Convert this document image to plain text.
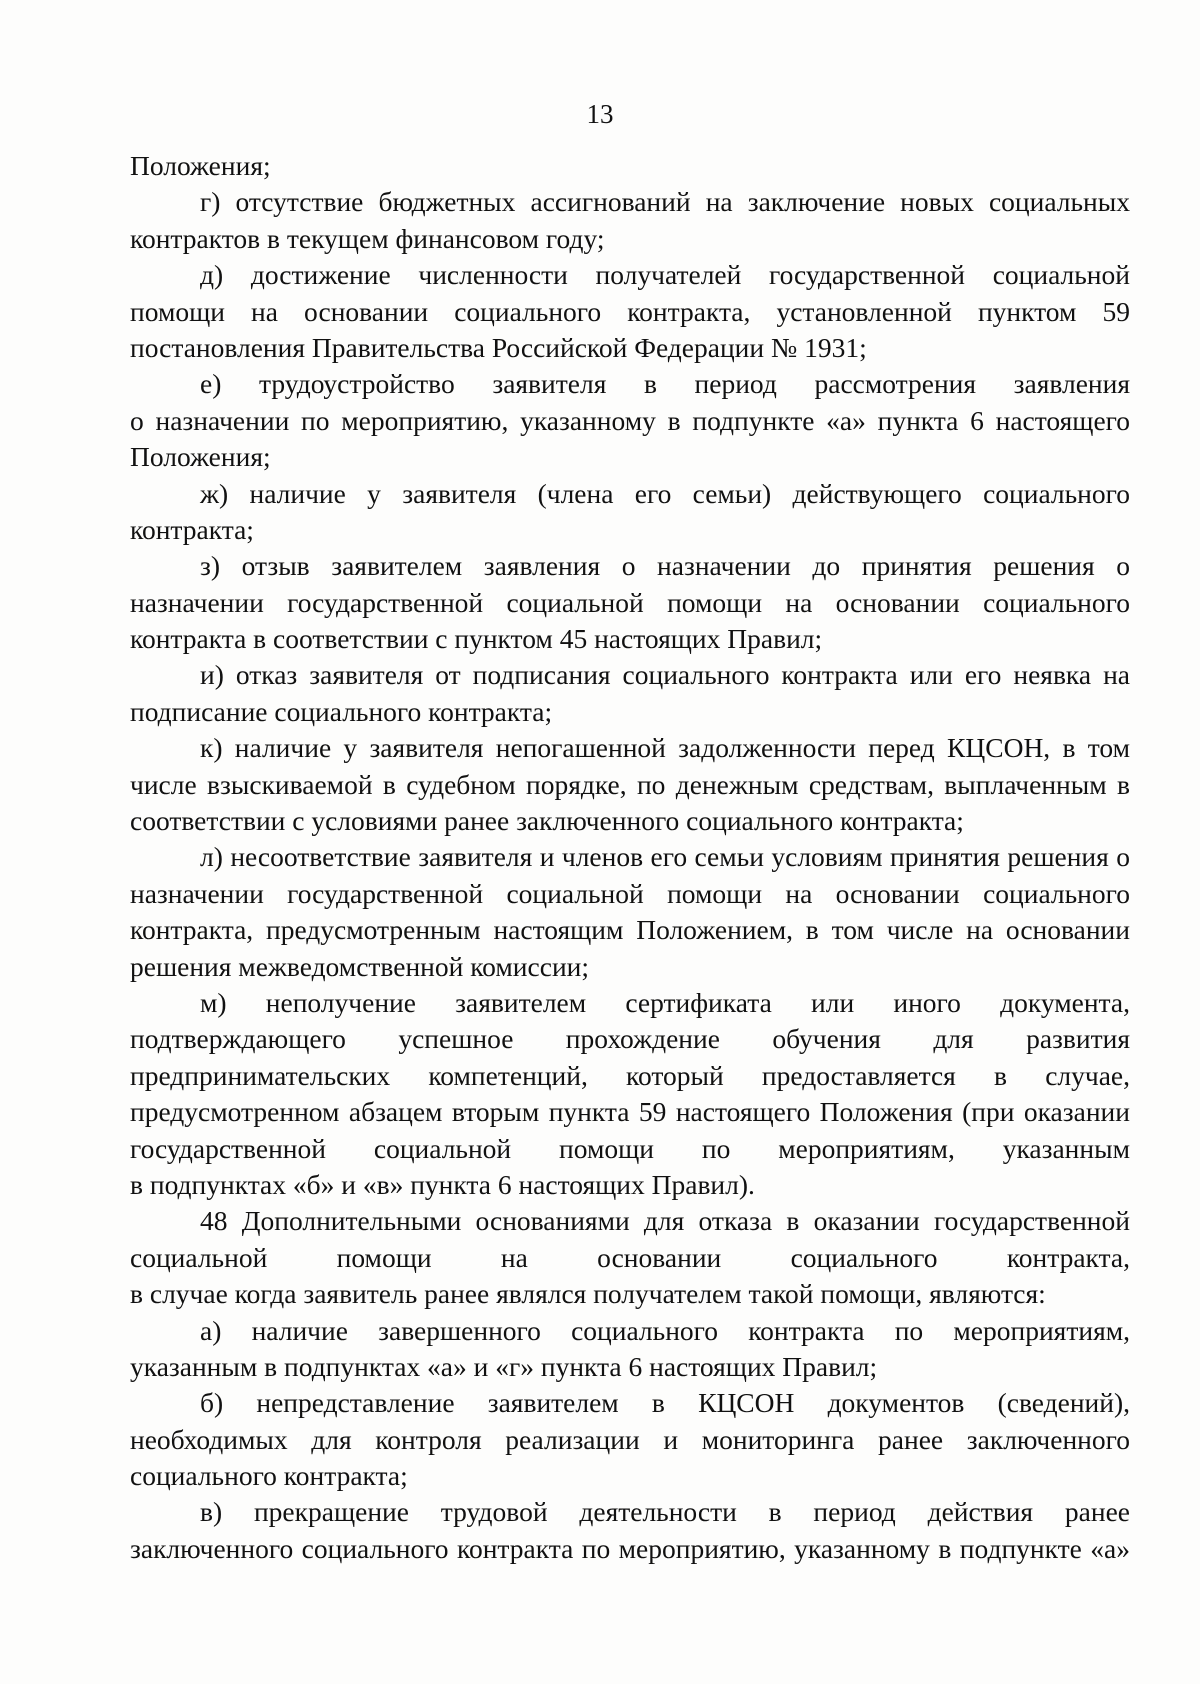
13
Положения;
г) отсутствие бюджетных ассигнований на заключение новых социальных
контрактов в текущем финансовом году;
д) достижение численности получателей государственной социальной
помощи на основании социального контракта, установленной пунктом 59
постановления Правительства Российской Федерации № 1931;
е) трудоустройство заявителя в период рассмотрения заявления
о назначении по мероприятию, указанному в подпункте «а» пункта 6 настоящего
Положения;
ж) наличие у заявителя (члена его семьи) действующего социального
контракта;
з) отзыв заявителем заявления о назначении до принятия решения о
назначении государственной социальной помощи на основании социального
контракта в соответствии с пунктом 45 настоящих Правил;
и) отказ заявителя от подписания социального контракта или его неявка на
подписание социального контракта;
к) наличие у заявителя непогашенной задолженности перед КЦСОН, в том
числе взыскиваемой в судебном порядке, по денежным средствам, выплаченным в
соответствии с условиями ранее заключенного социального контракта;
л) несоответствие заявителя и членов его семьи условиям принятия решения о
назначении государственной социальной помощи на основании социального
контракта, предусмотренным настоящим Положением, в том числе на основании
решения межведомственной комиссии;
м) неполучение заявителем сертификата или иного документа,
подтверждающего успешное прохождение обучения для развития
предпринимательских компетенций, который предоставляется в случае,
предусмотренном абзацем вторым пункта 59 настоящего Положения (при оказании
государственной социальной помощи по мероприятиям, указанным
в подпунктах «б» и «в» пункта 6 настоящих Правил).
48 Дополнительными основаниями для отказа в оказании государственной
социальной помощи на основании социального контракта,
в случае когда заявитель ранее являлся получателем такой помощи, являются:
а) наличие завершенного социального контракта по мероприятиям,
указанным в подпунктах «а» и «г» пункта 6 настоящих Правил;
б) непредставление заявителем в КЦСОН документов (сведений),
необходимых для контроля реализации и мониторинга ранее заключенного
социального контракта;
в) прекращение трудовой деятельности в период действия ранее
заключенного социального контракта по мероприятию, указанному в подпункте «а»
